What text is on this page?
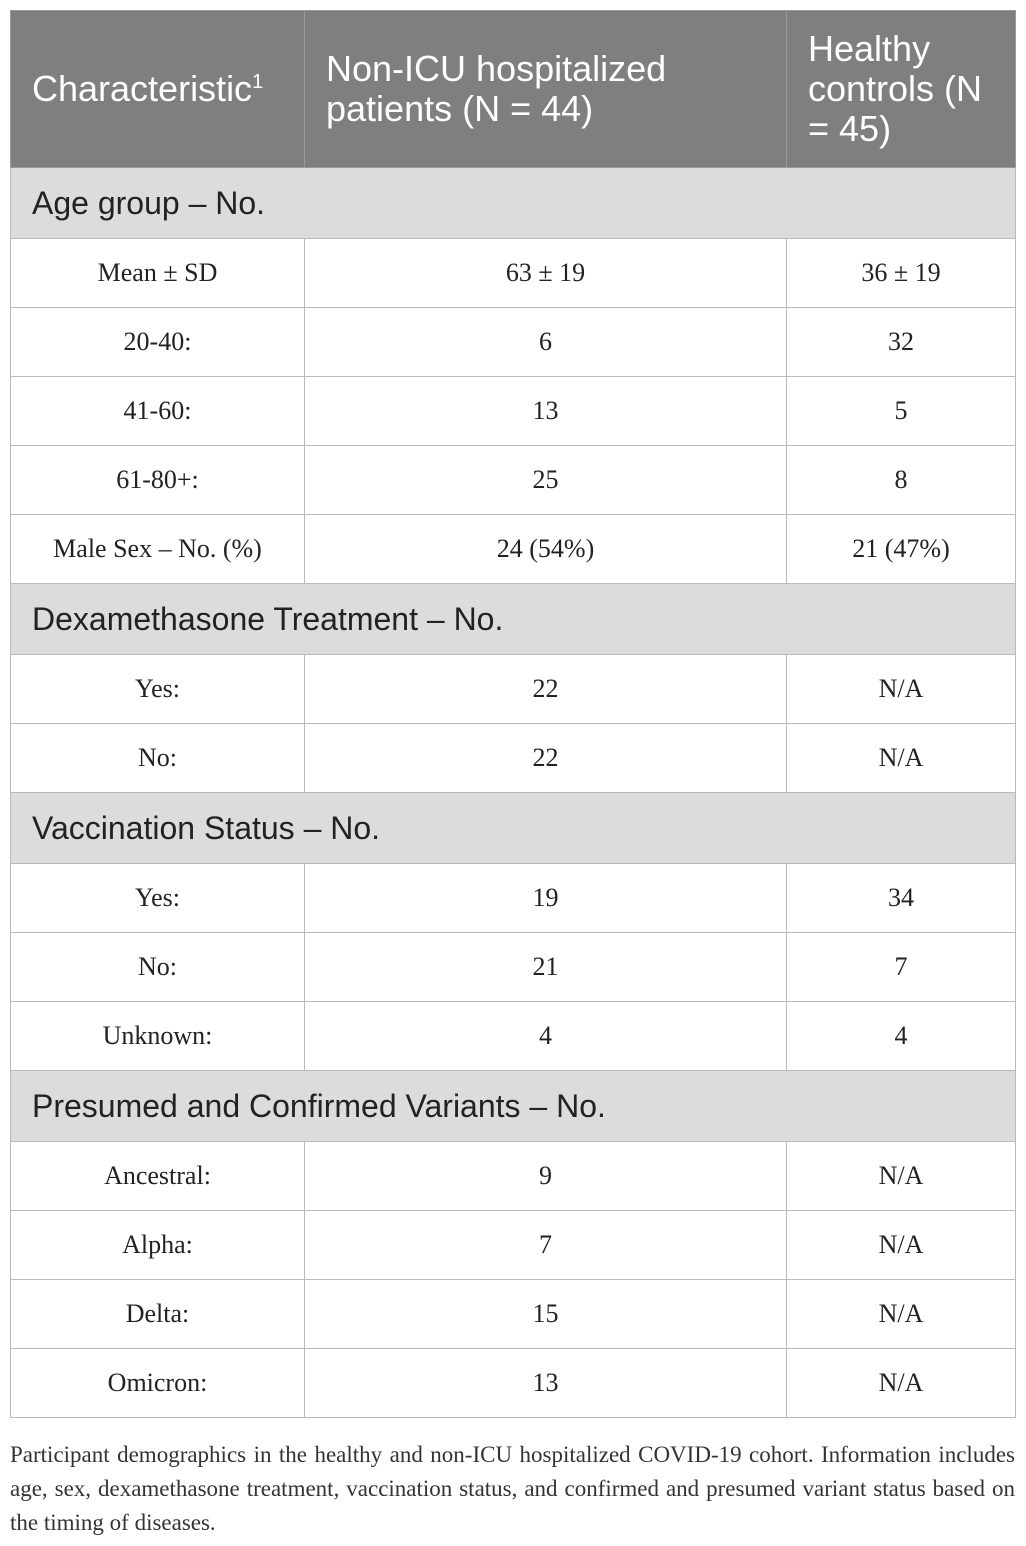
Characteristic$^1$	Non-ICU hospitalized patients (N = 44)	Healthy controls (N = 45)
Age group – No.		
Mean ± SD	63 ± 19	36 ± 19
20-40:	6	32
41-60:	13	5
61-80+:	25	8
Male Sex – No. (%)	24 (54%)	21 (47%)
Dexamethasone Treatment – No.		
Yes:	22	N/A
No:	22	N/A
Vaccination Status – No.		
Yes:	19	34
No:	21	7
Unknown:	4	4
Presumed and Confirmed Variants – No.		
Ancestral:	9	N/A
Alpha:	7	N/A
Delta:	15	N/A
Omicron:	13	N/A
Participant demographics in the healthy and non-ICU hospitalized COVID-19 cohort. Information includes age, sex, dexamethasone treatment, vaccination status, and confirmed and presumed variant status based on the timing of diseases.
